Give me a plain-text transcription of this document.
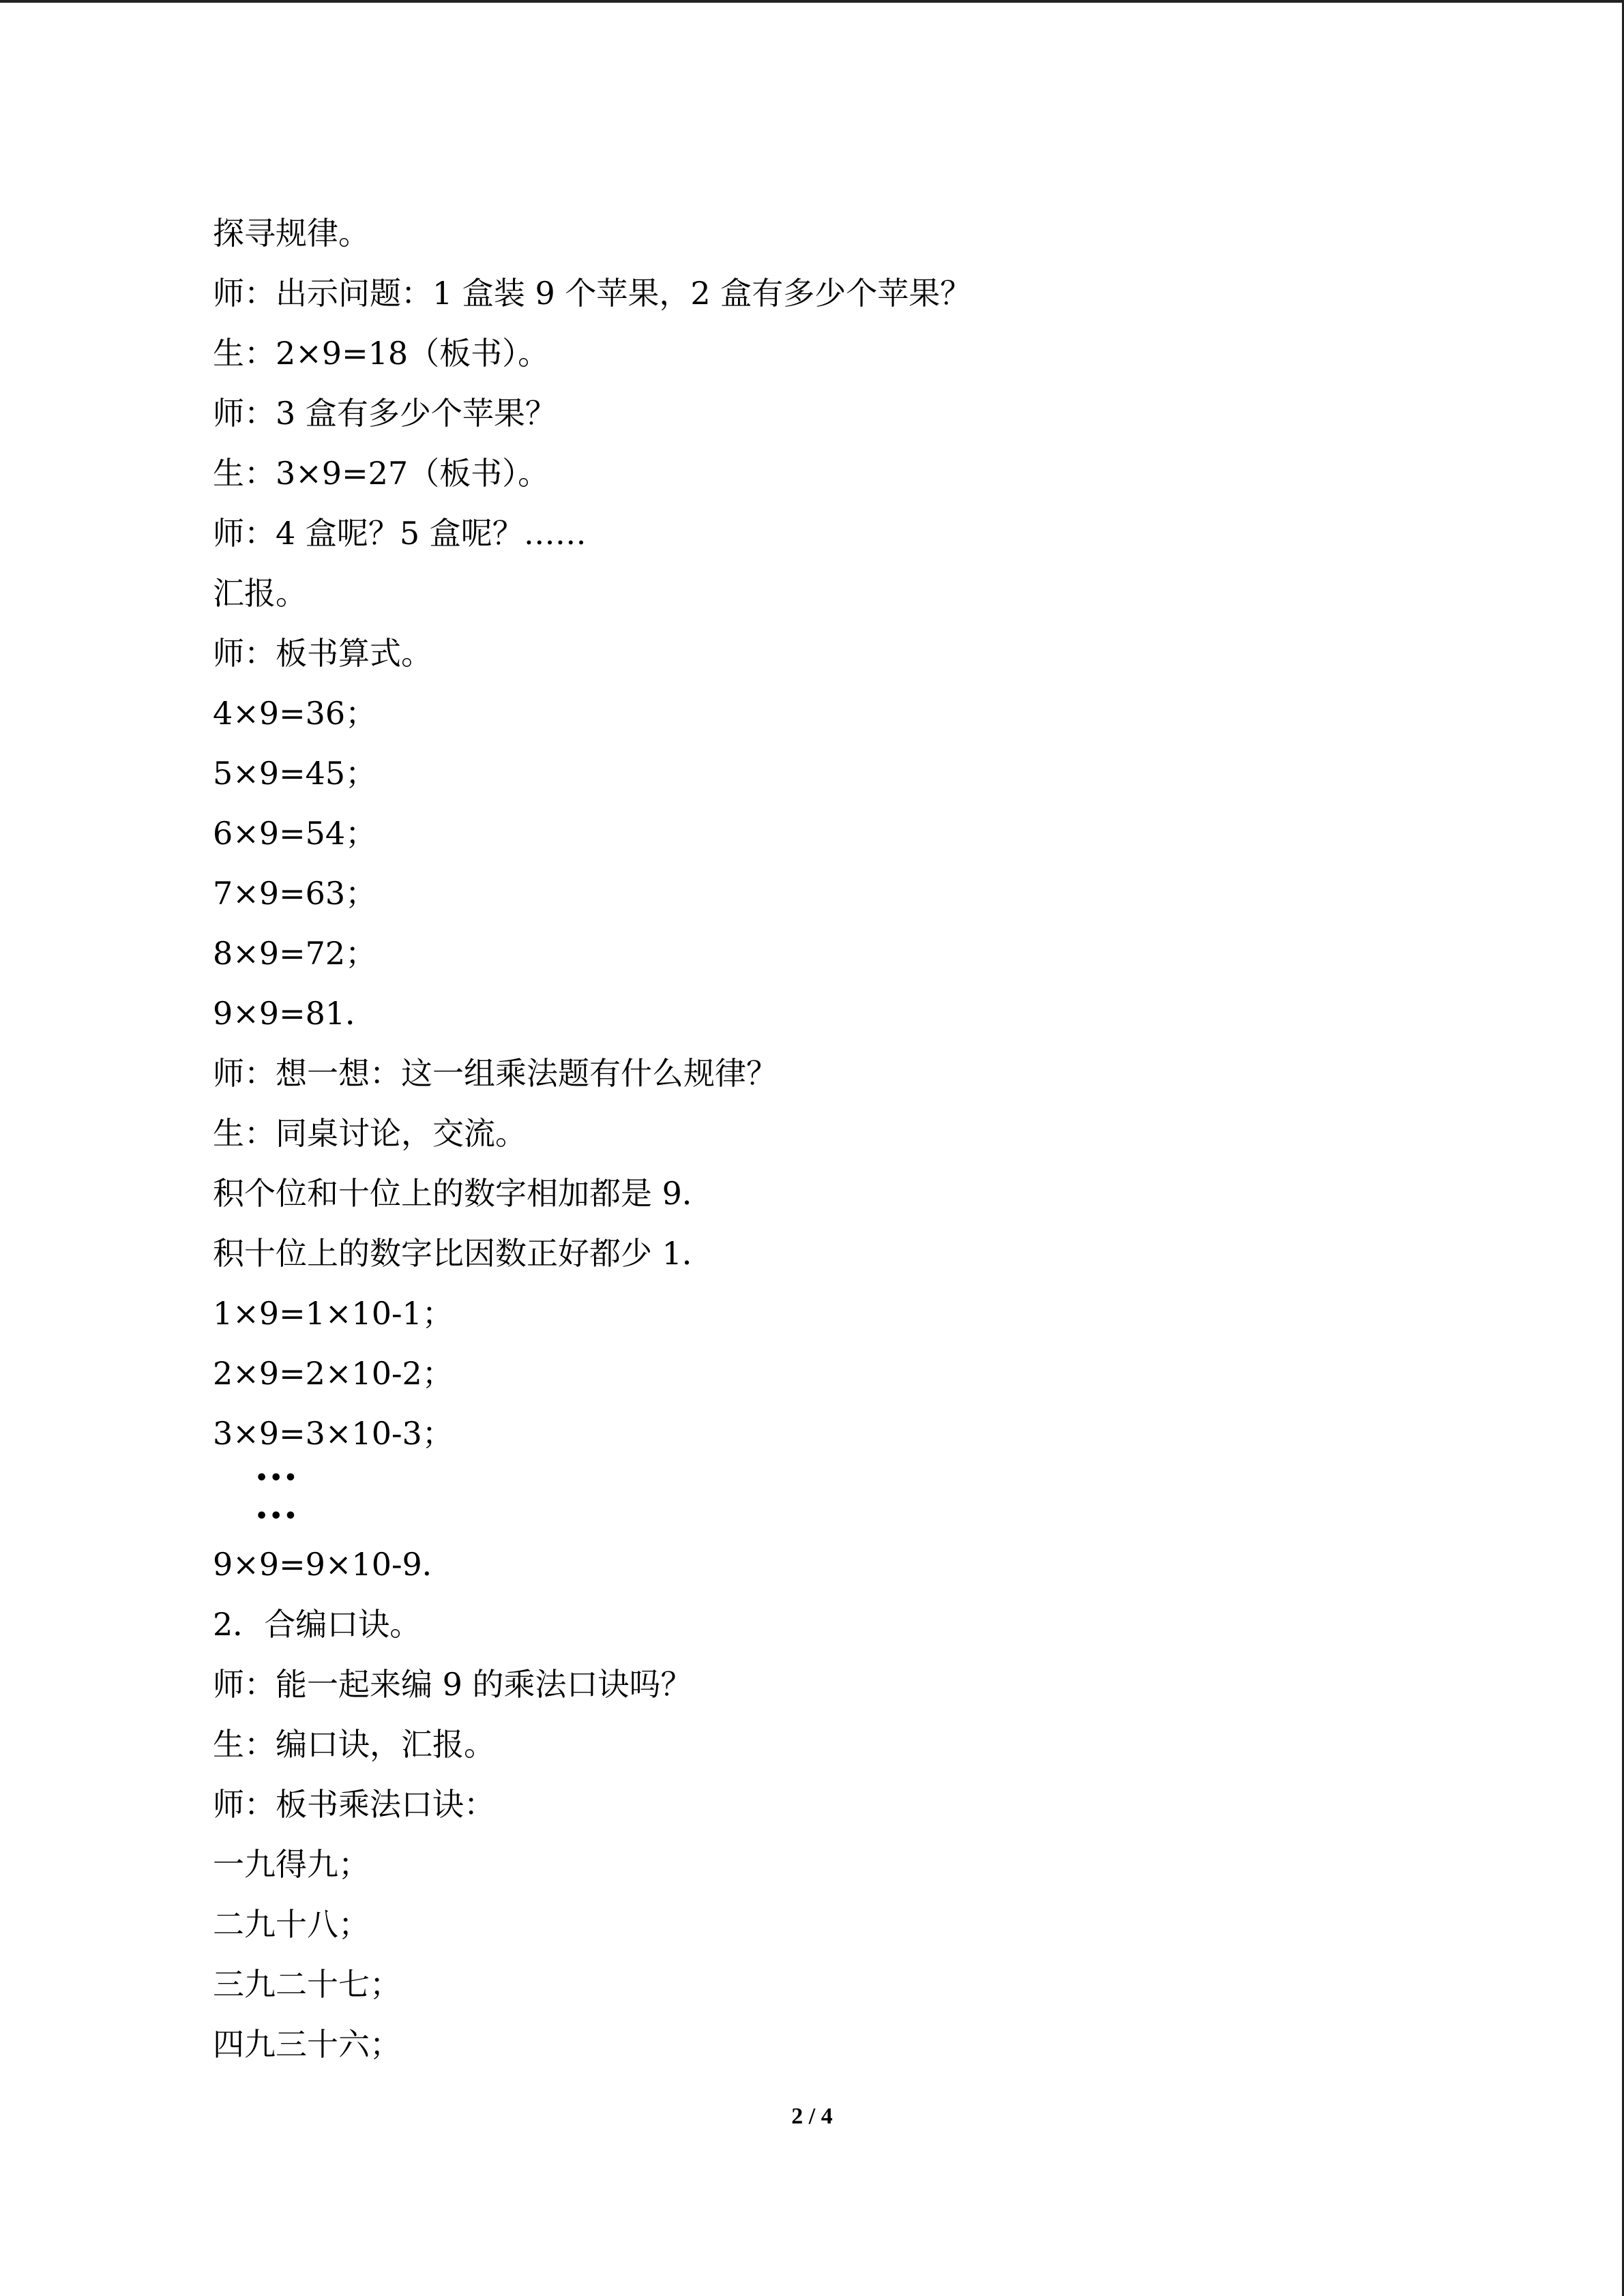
探寻规律。
师：出示问题：1 盒装 9 个苹果，2 盒有多少个苹果？
生：2×9=18（板书）。
师：3 盒有多少个苹果？
生：3×9=27（板书）。
师：4 盒呢？5 盒呢？……
汇报。
师：板书算式。
4×9=36；
5×9=45；
6×9=54；
7×9=63；
8×9=72；
9×9=81．
师：想一想：这一组乘法题有什么规律？
生：同桌讨论，交流。
积个位和十位上的数字相加都是 9．
积十位上的数字比因数正好都少 1．
1×9=1×10-1；
2×9=2×10-2；
3×9=3×10-3；
•••
•••
9×9=9×10-9．
2．合编口诀。
师：能一起来编 9 的乘法口诀吗？
生：编口诀，汇报。
师：板书乘法口诀：
一九得九；
二九十八；
三九二十七；
四九三十六；
2 / 4
